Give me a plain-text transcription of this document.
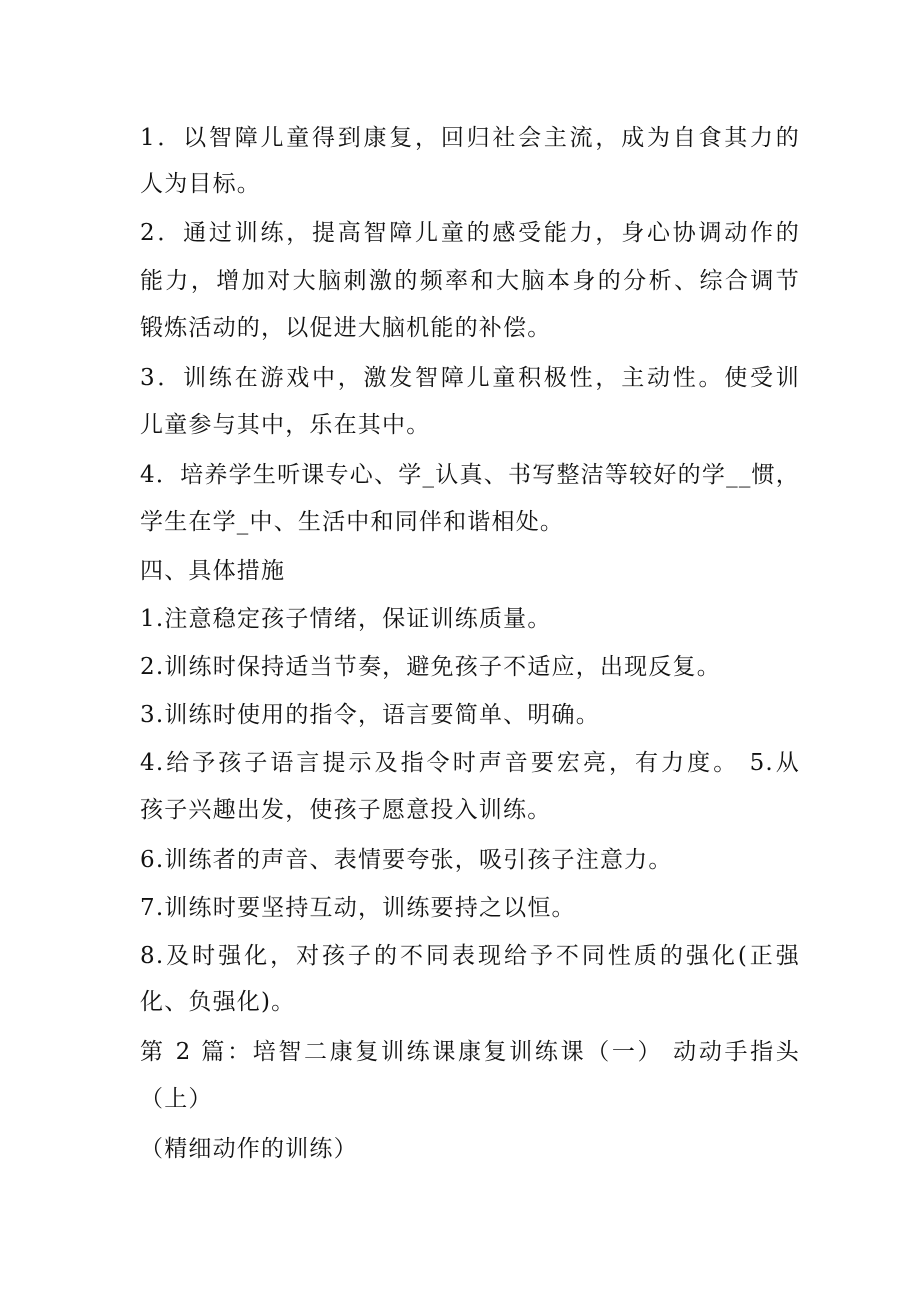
1．以智障儿童得到康复，回归社会主流，成为自食其力的
人为目标。
2．通过训练，提高智障儿童的感受能力，身心协调动作的
能力，增加对大脑刺激的频率和大脑本身的分析、综合调节
锻炼活动的，以促进大脑机能的补偿。
3．训练在游戏中，激发智障儿童积极性，主动性。使受训
儿童参与其中，乐在其中。
4．培养学生听课专心、学_认真、书写整洁等较好的学__惯，
学生在学_中、生活中和同伴和谐相处。
四、具体措施
1.注意稳定孩子情绪，保证训练质量。
2.训练时保持适当节奏，避免孩子不适应，出现反复。
3.训练时使用的指令，语言要简单、明确。
4.给予孩子语言提示及指令时声音要宏亮，有力度。 5.从
孩子兴趣出发，使孩子愿意投入训练。
6.训练者的声音、表情要夸张，吸引孩子注意力。
7.训练时要坚持互动，训练要持之以恒。
8.及时强化，对孩子的不同表现给予不同性质的强化(正强
化、负强化)。
第 2 篇：培智二康复训练课康复训练课（一） 动动手指头
（上）
（精细动作的训练）
